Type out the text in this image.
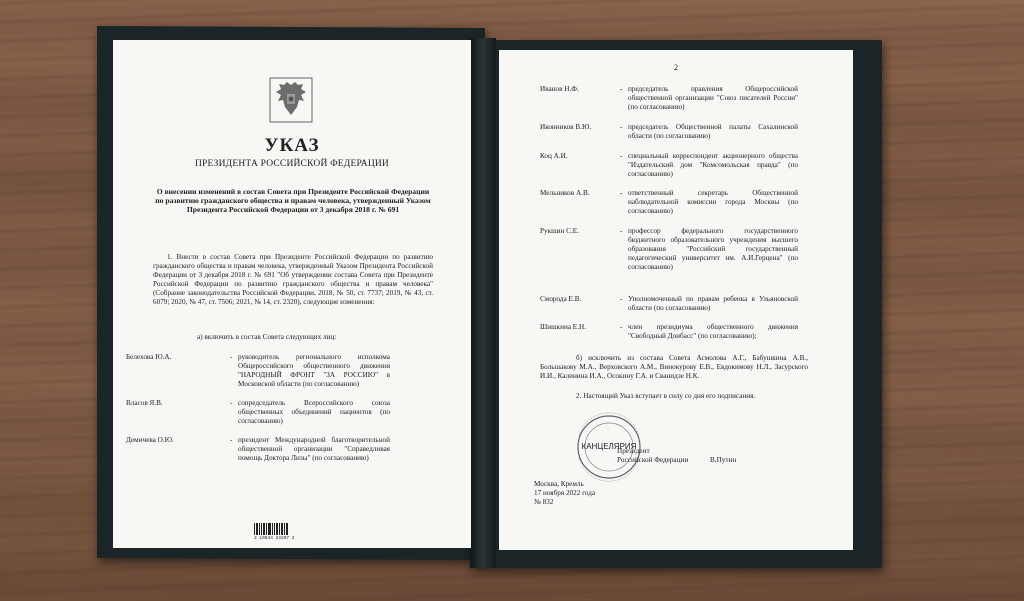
УКАЗ
ПРЕЗИДЕНТА РОССИЙСКОЙ ФЕДЕРАЦИИ
О внесении изменений в состав Совета при Президенте Российской Федерации по развитию гражданского общества и правам человека, утвержденный Указом Президента Российской Федерации от 3 декабря 2018 г. № 691
1. Внести в состав Совета при Президенте Российской Федерации по развитию гражданского общества и правам человека, утвержденный Указом Президента Российской Федерации от 3 декабря 2018 г. № 691 "Об утверждении состава Совета при Президенте Российской Федерации по развитию гражданского общества и правам человека" (Собрание законодательства Российской Федерации, 2018, № 50, ст. 7737; 2019, № 43, ст. 6079; 2020, № 47, ст. 7506; 2021, № 14, ст. 2320), следующие изменения:
а) включить в состав Совета следующих лиц:
Белехова Ю.А.	- руководитель регионального исполкома Общероссийского общественного движения "НАРОДНЫЙ ФРОНТ "ЗА РОССИЮ" в Московской области (по согласованию)
Власов Я.В.	- сопредседатель Всероссийского союза общественных объединений пациентов (по согласованию)
Демичева О.Ю.	- президент Международной благотворительной общественной организации "Справедливая помощь Доктора Лизы" (по согласованию)
2 10044 24207 2
2
Иванов Н.Ф.	- председатель правления Общероссийской общественной организации "Союз писателей России" (по согласованию)
Иконников В.Ю.	- председатель Общественной палаты Сахалинской области (по согласованию)
Коц А.И.	- специальный корреспондент акционерного общества "Издательский дом "Комсомольская правда" (по согласованию)
Мельников А.В.	- ответственный секретарь Общественной наблюдательной комиссии города Москвы (по согласованию)
Рукшин С.Е.	- профессор федерального государственного бюджетного образовательного учреждения высшего образования "Российский государственный педагогический университет им. А.И.Герцена" (по согласованию)
Смородa Е.В.	- Уполномоченный по правам ребенка в Ульяновской области (по согласованию)
Шишкина Е.Н.	- член президиума общественного движения "Свободный Донбасс" (по согласованию);
б) исключить из состава Совета Асмолова А.Г., Бабушкина А.В., Большакову М.А., Верховского А.М., Винокурову Е.В., Евдокимову Н.Л., Засурского И.И., Калинина И.А., Осокину Г.А. и Сванидзе Н.К.
2. Настоящий Указ вступает в силу со дня его подписания.
КАНЦЕЛЯРИЯ
Президент
Российской Федерации	В.Путин
Москва, Кремль
17 ноября 2022 года
№ 832
